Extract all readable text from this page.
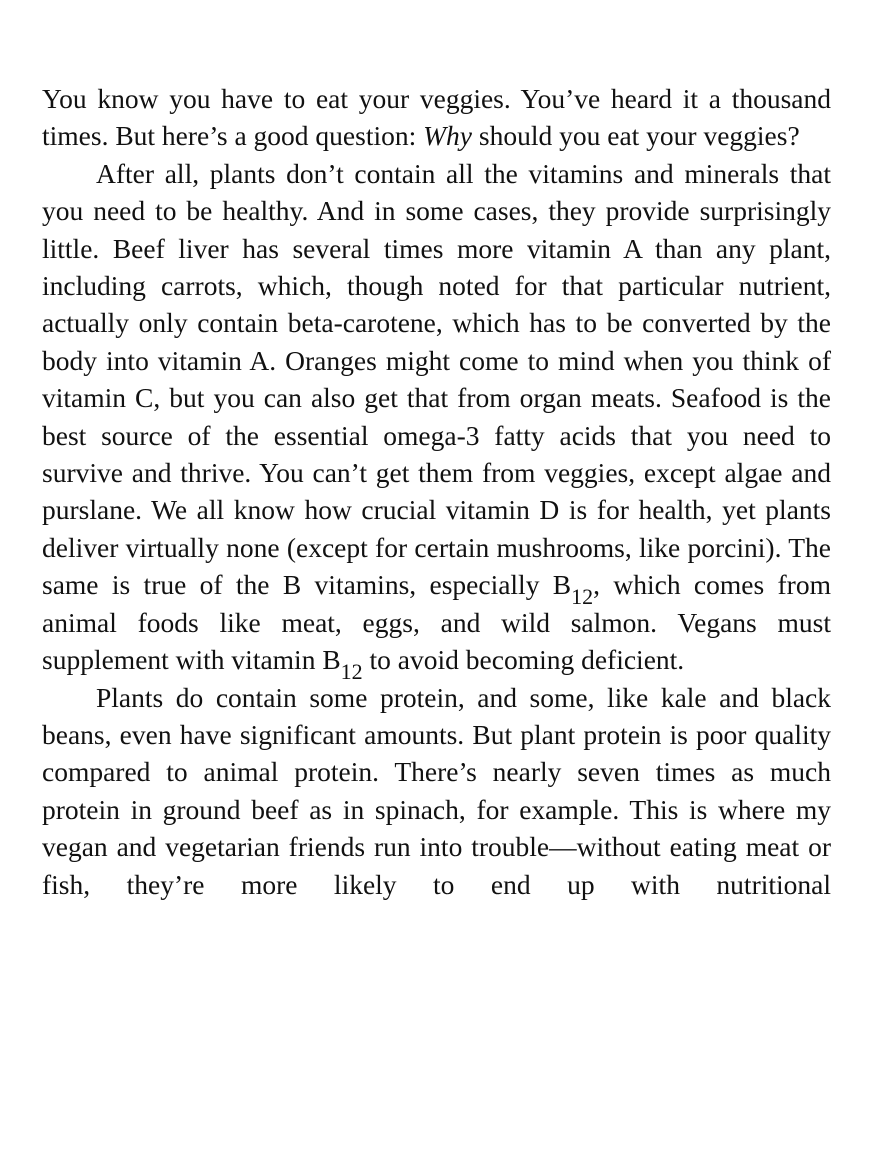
You know you have to eat your veggies. You’ve heard it a thousand times. But here’s a good question: Why should you eat your veggies?

After all, plants don’t contain all the vitamins and minerals that you need to be healthy. And in some cases, they provide surprisingly little. Beef liver has several times more vitamin A than any plant, including carrots, which, though noted for that particular nutrient, actually only contain beta-carotene, which has to be converted by the body into vitamin A. Oranges might come to mind when you think of vitamin C, but you can also get that from organ meats. Seafood is the best source of the essential omega-3 fatty acids that you need to survive and thrive. You can’t get them from veggies, except algae and purslane. We all know how crucial vitamin D is for health, yet plants deliver virtually none (except for certain mushrooms, like porcini). The same is true of the B vitamins, especially $B_{12}$, which comes from animal foods like meat, eggs, and wild salmon. Vegans must supplement with vitamin $B_{12}$ to avoid becoming deficient.

Plants do contain some protein, and some, like kale and black beans, even have significant amounts. But plant protein is poor quality compared to animal protein. There’s nearly seven times as much protein in ground beef as in spinach, for example. This is where my vegan and vegetarian friends run into trouble—without eating meat or fish, they’re more likely to end up with nutritional
